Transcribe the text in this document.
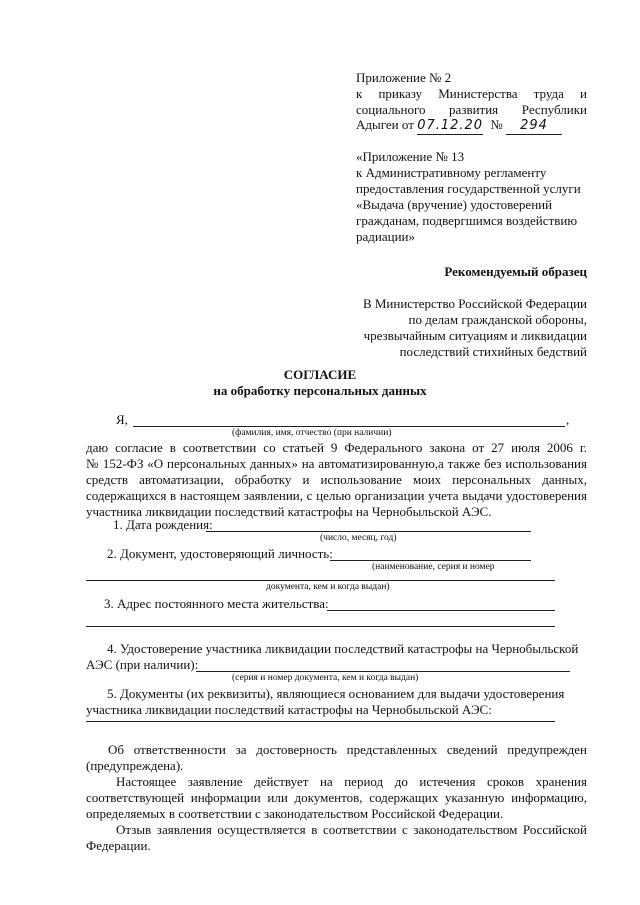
Приложение № 2
к приказу Министерства труда и
социального развития Республики
Адыгеи от 07.12.20 № 294
«Приложение № 13
к Административному регламенту
предоставления государственной услуги
«Выдача (вручение) удостоверений
гражданам, подвергшимся воздействию
радиации»
Рекомендуемый образец
В Министерство Российской Федерации
по делам гражданской обороны,
чрезвычайным ситуациям и ликвидации
последствий стихийных бедствий
СОГЛАСИЕ
на обработку персональных данных
Я,	,
(фамилия, имя, отчество (при наличии)
даю согласие в соответствии со статьей 9 Федерального закона от 27 июля 2006 г.
№ 152-ФЗ «О персональных данных» на автоматизированную,а также без использования
средств автоматизации, обработку и использование моих персональных данных,
содержащихся в настоящем заявлении, с целью организации учета выдачи удостоверения
участника ликвидации последствий катастрофы на Чернобыльской АЭС.
1. Дата рождения:
(число, месяц, год)
2. Документ, удостоверяющий личность:
(наименование, серия и номер
документа, кем и когда выдан)
3. Адрес постоянного места жительства:
4. Удостоверение участника ликвидации последствий катастрофы на Чернобыльской
АЭС (при наличии):
(серия и номер документа, кем и когда выдан)
5. Документы (их реквизиты), являющиеся основанием для выдачи удостоверения
участника ликвидации последствий катастрофы на Чернобыльской АЭС:
Об ответственности за достоверность представленных сведений предупрежден
(предупреждена).
Настоящее заявление действует на период до истечения сроков хранения
соответствующей информации или документов, содержащих указанную информацию,
определяемых в соответствии с законодательством Российской Федерации.
Отзыв заявления осуществляется в соответствии с законодательством Российской
Федерации.
